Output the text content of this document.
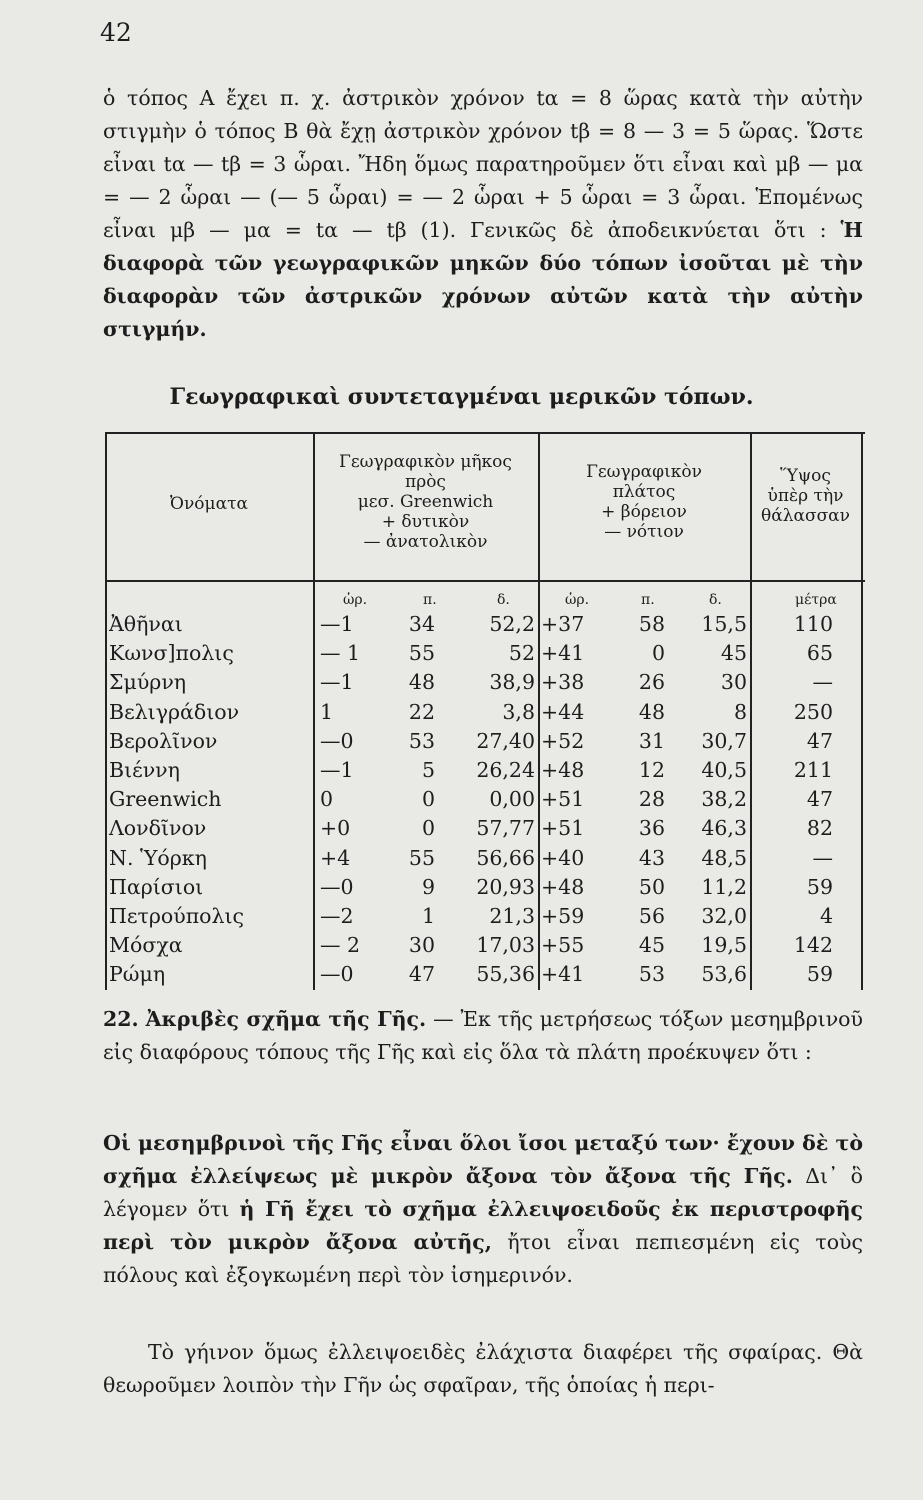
42
ὁ τόπος Α ἔχει π. χ. ἀστρικὸν χρόνον tα = 8 ὥρας κατὰ τὴν αὐτὴν στιγμὴν ὁ τόπος Β θὰ ἔχῃ ἀστρικὸν χρόνον tβ = 8 — 3 = 5 ὥρας. Ὥστε εἶναι tα — tβ = 3 ὧραι. Ἤδη ὅμως παρατηροῦμεν ὅτι εἶναι καὶ μβ — μα = — 2 ὧραι — (— 5 ὧραι) = — 2 ὧραι + 5 ὧραι = 3 ὧραι. Ἑπομένως εἶναι μβ — μα = tα — tβ (1). Γενικῶς δὲ ἀποδεικνύεται ὅτι : Ἡ διαφορὰ τῶν γεωγραφικῶν μηκῶν δύο τόπων ἰσοῦται μὲ τὴν διαφορὰν τῶν ἀστρικῶν χρόνων αὐτῶν κατὰ τὴν αὐτὴν στιγμήν.
Γεωγραφικαὶ συντεταγμέναι μερικῶν τόπων.
Ὀνόματα
Γεωγραφικὸν μῆκος
πρὸς
μεσ. Greenwich
+ δυτικὸν
— ἀνατολικὸν
Γεωγραφικὸν
πλάτος
+ βόρειον
— νότιον
Ὕψος
ὑπὲρ τὴν
θάλασσαν
ὡρ.	π.	δ.	ὡρ.	π.	δ.	μέτρα
Ἀθῆναι	—1	34	52,2 +37	58	15,5	110
Κωνσ]πολις	— 1	55	52 +41	0	45	65
Σμύρνη	—1	48	38,9 +38	26	30	—
Βελιγράδιον	1	22	3,8 +44	48	8	250
Βερολῖνον	—0	53	27,40 +52	31	30,7	47
Βιέννη	—1	5	26,24 +48	12	40,5	211
Greenwich	0	0	0,00 +51	28	38,2	47
Λονδῖνον	+0	0	57,77 +51	36	46,3	82
Ν. Ὑόρκη	+4	55	56,66 +40	43	48,5	—
Παρίσιοι	—0	9	20,93 +48	50	11,2	59
Πετρούπολις	—2	1	21,3 +59	56	32,0	4
Μόσχα	— 2	30	17,03 +55	45	19,5	142
Ρώμη	—0	47	55,36 +41	53	53,6	59
22. Ἀκριβὲς σχῆμα τῆς Γῆς. — Ἐκ τῆς μετρήσεως τόξων μεσημβρινοῦ εἰς διαφόρους τόπους τῆς Γῆς καὶ εἰς ὅλα τὰ πλάτη προέκυψεν ὅτι :
Οἱ μεσημβρινοὶ τῆς Γῆς εἶναι ὅλοι ἴσοι μεταξύ των· ἔχουν δὲ τὸ σχῆμα ἐλλείψεως μὲ μικρὸν ἄξονα τὸν ἄξονα τῆς Γῆς. Δι᾿ ὃ λέγομεν ὅτι ἡ Γῆ ἔχει τὸ σχῆμα ἐλλειψοειδοῦς ἐκ περιστροφῆς περὶ τὸν μικρὸν ἄξονα αὐτῆς, ἤτοι εἶναι πεπιεσμένη εἰς τοὺς πόλους καὶ ἐξογκωμένη περὶ τὸν ἰσημερινόν.
Τὸ γήινον ὅμως ἐλλειψοειδὲς ἐλάχιστα διαφέρει τῆς σφαίρας. Θὰ θεωροῦμεν λοιπὸν τὴν Γῆν ὡς σφαῖραν, τῆς ὁποίας ἡ περι-
